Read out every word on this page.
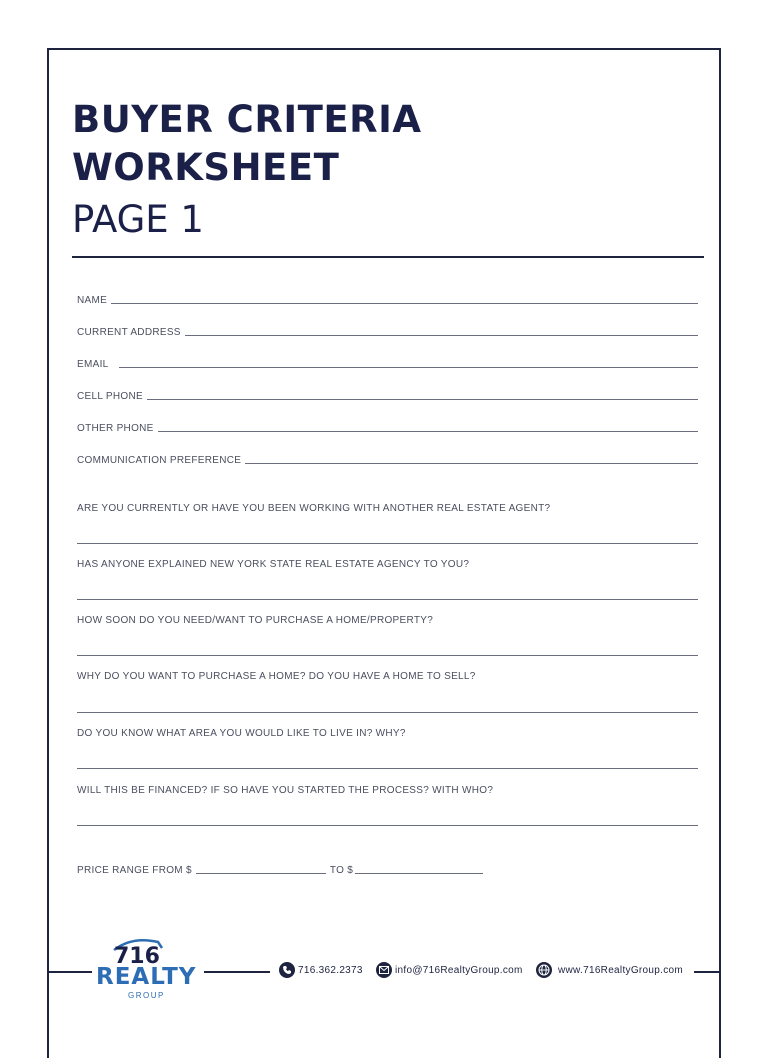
BUYER CRITERIA
WORKSHEET
PAGE 1
NAME
CURRENT ADDRESS
EMAIL
CELL PHONE
OTHER PHONE
COMMUNICATION PREFERENCE
ARE YOU CURRENTLY OR HAVE YOU BEEN WORKING WITH ANOTHER REAL ESTATE AGENT?
HAS ANYONE EXPLAINED NEW YORK STATE REAL ESTATE AGENCY TO YOU?
HOW SOON DO YOU NEED/WANT TO PURCHASE A HOME/PROPERTY?
WHY DO YOU WANT TO PURCHASE A HOME? DO YOU HAVE A HOME TO SELL?
DO YOU KNOW WHAT AREA YOU WOULD LIKE TO LIVE IN? WHY?
WILL THIS BE FINANCED? IF SO HAVE YOU STARTED THE PROCESS? WITH WHO?
PRICE RANGE FROM $	TO $
716
REALTY
GROUP
716.362.2373	info@716RealtyGroup.com	www.716RealtyGroup.com
